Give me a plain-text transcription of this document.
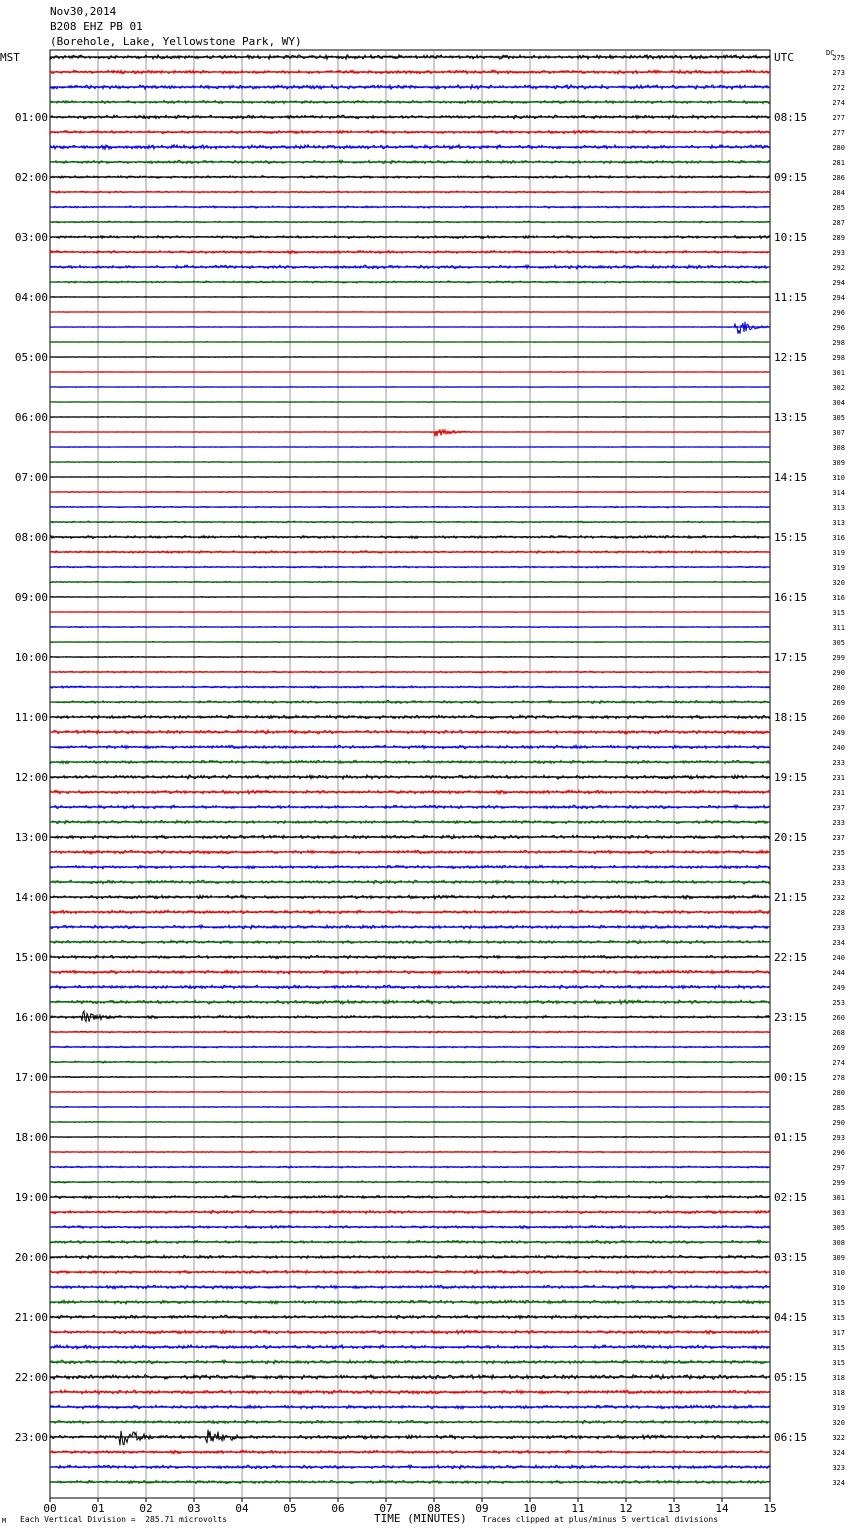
Nov30,2014
B208 EHZ PB 01
(Borehole, Lake, Yellowstone Park, WY)
275
273
272
274
277
277
280
281
286
284
285
287
289
293
292
294
294
296
296
298
298
301
302
304
305
307
308
309
310
314
313
313
316
319
319
320
316
315
311
305
299
290
280
269
260
249
240
233
231
231
237
233
237
235
233
233
232
228
233
234
240
244
249
253
260
268
269
274
278
280
285
290
293
296
297
299
301
303
305
308
309
310
310
315
315
317
315
315
318
318
319
320
322
324
323
324
MST	UTC
01:00	08:15
02:00	09:15
03:00	10:15
04:00	11:15
05:00	12:15
06:00	13:15
07:00	14:15
08:00	15:15
09:00	16:15
10:00	17:15
11:00	18:15
12:00	19:15
13:00	20:15
14:00	21:15
15:00	22:15
16:00	23:15
17:00	00:15
18:00	01:15
19:00	02:15
20:00	03:15
21:00	04:15
22:00	05:15
23:00	06:15
DC
00	01	02	03	04	05	06	07	08	09	10	11	12	13	14	15
M Each Vertical Division =  285.71 microvolts	TIME (MINUTES) Traces clipped at plus/minus 5 vertical divisions
